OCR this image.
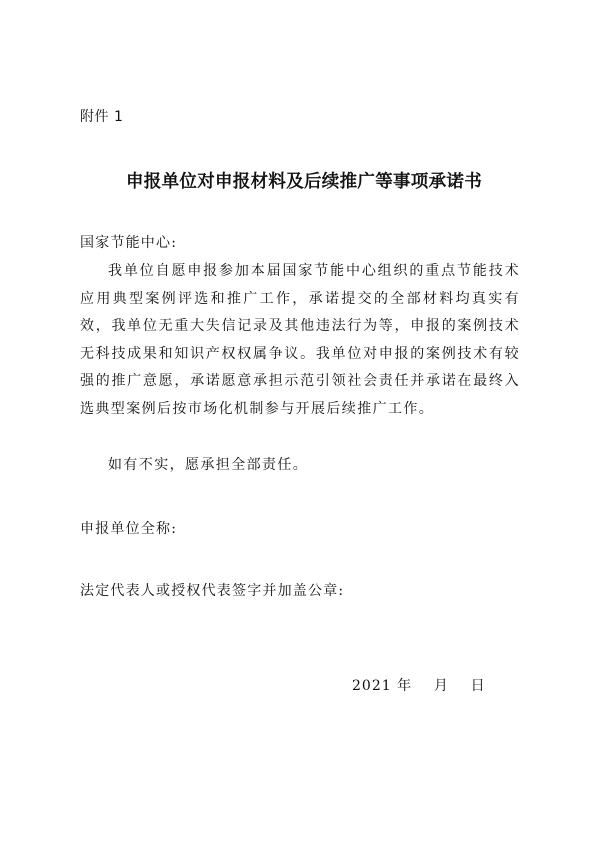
附件 1
申报单位对申报材料及后续推广等事项承诺书
国家节能中心:

我单位自愿申报参加本届国家节能中心组织的重点节能技术应用典型案例评选和推广工作，承诺提交的全部材料均真实有效，我单位无重大失信记录及其他违法行为等，申报的案例技术无科技成果和知识产权权属争议。我单位对申报的案例技术有较强的推广意愿，承诺愿意承担示范引领社会责任并承诺在最终入选典型案例后按市场化机制参与开展后续推广工作。

如有不实，愿承担全部责任。

申报单位全称:
法定代表人或授权代表签字并加盖公章:
2021 年    月    日
